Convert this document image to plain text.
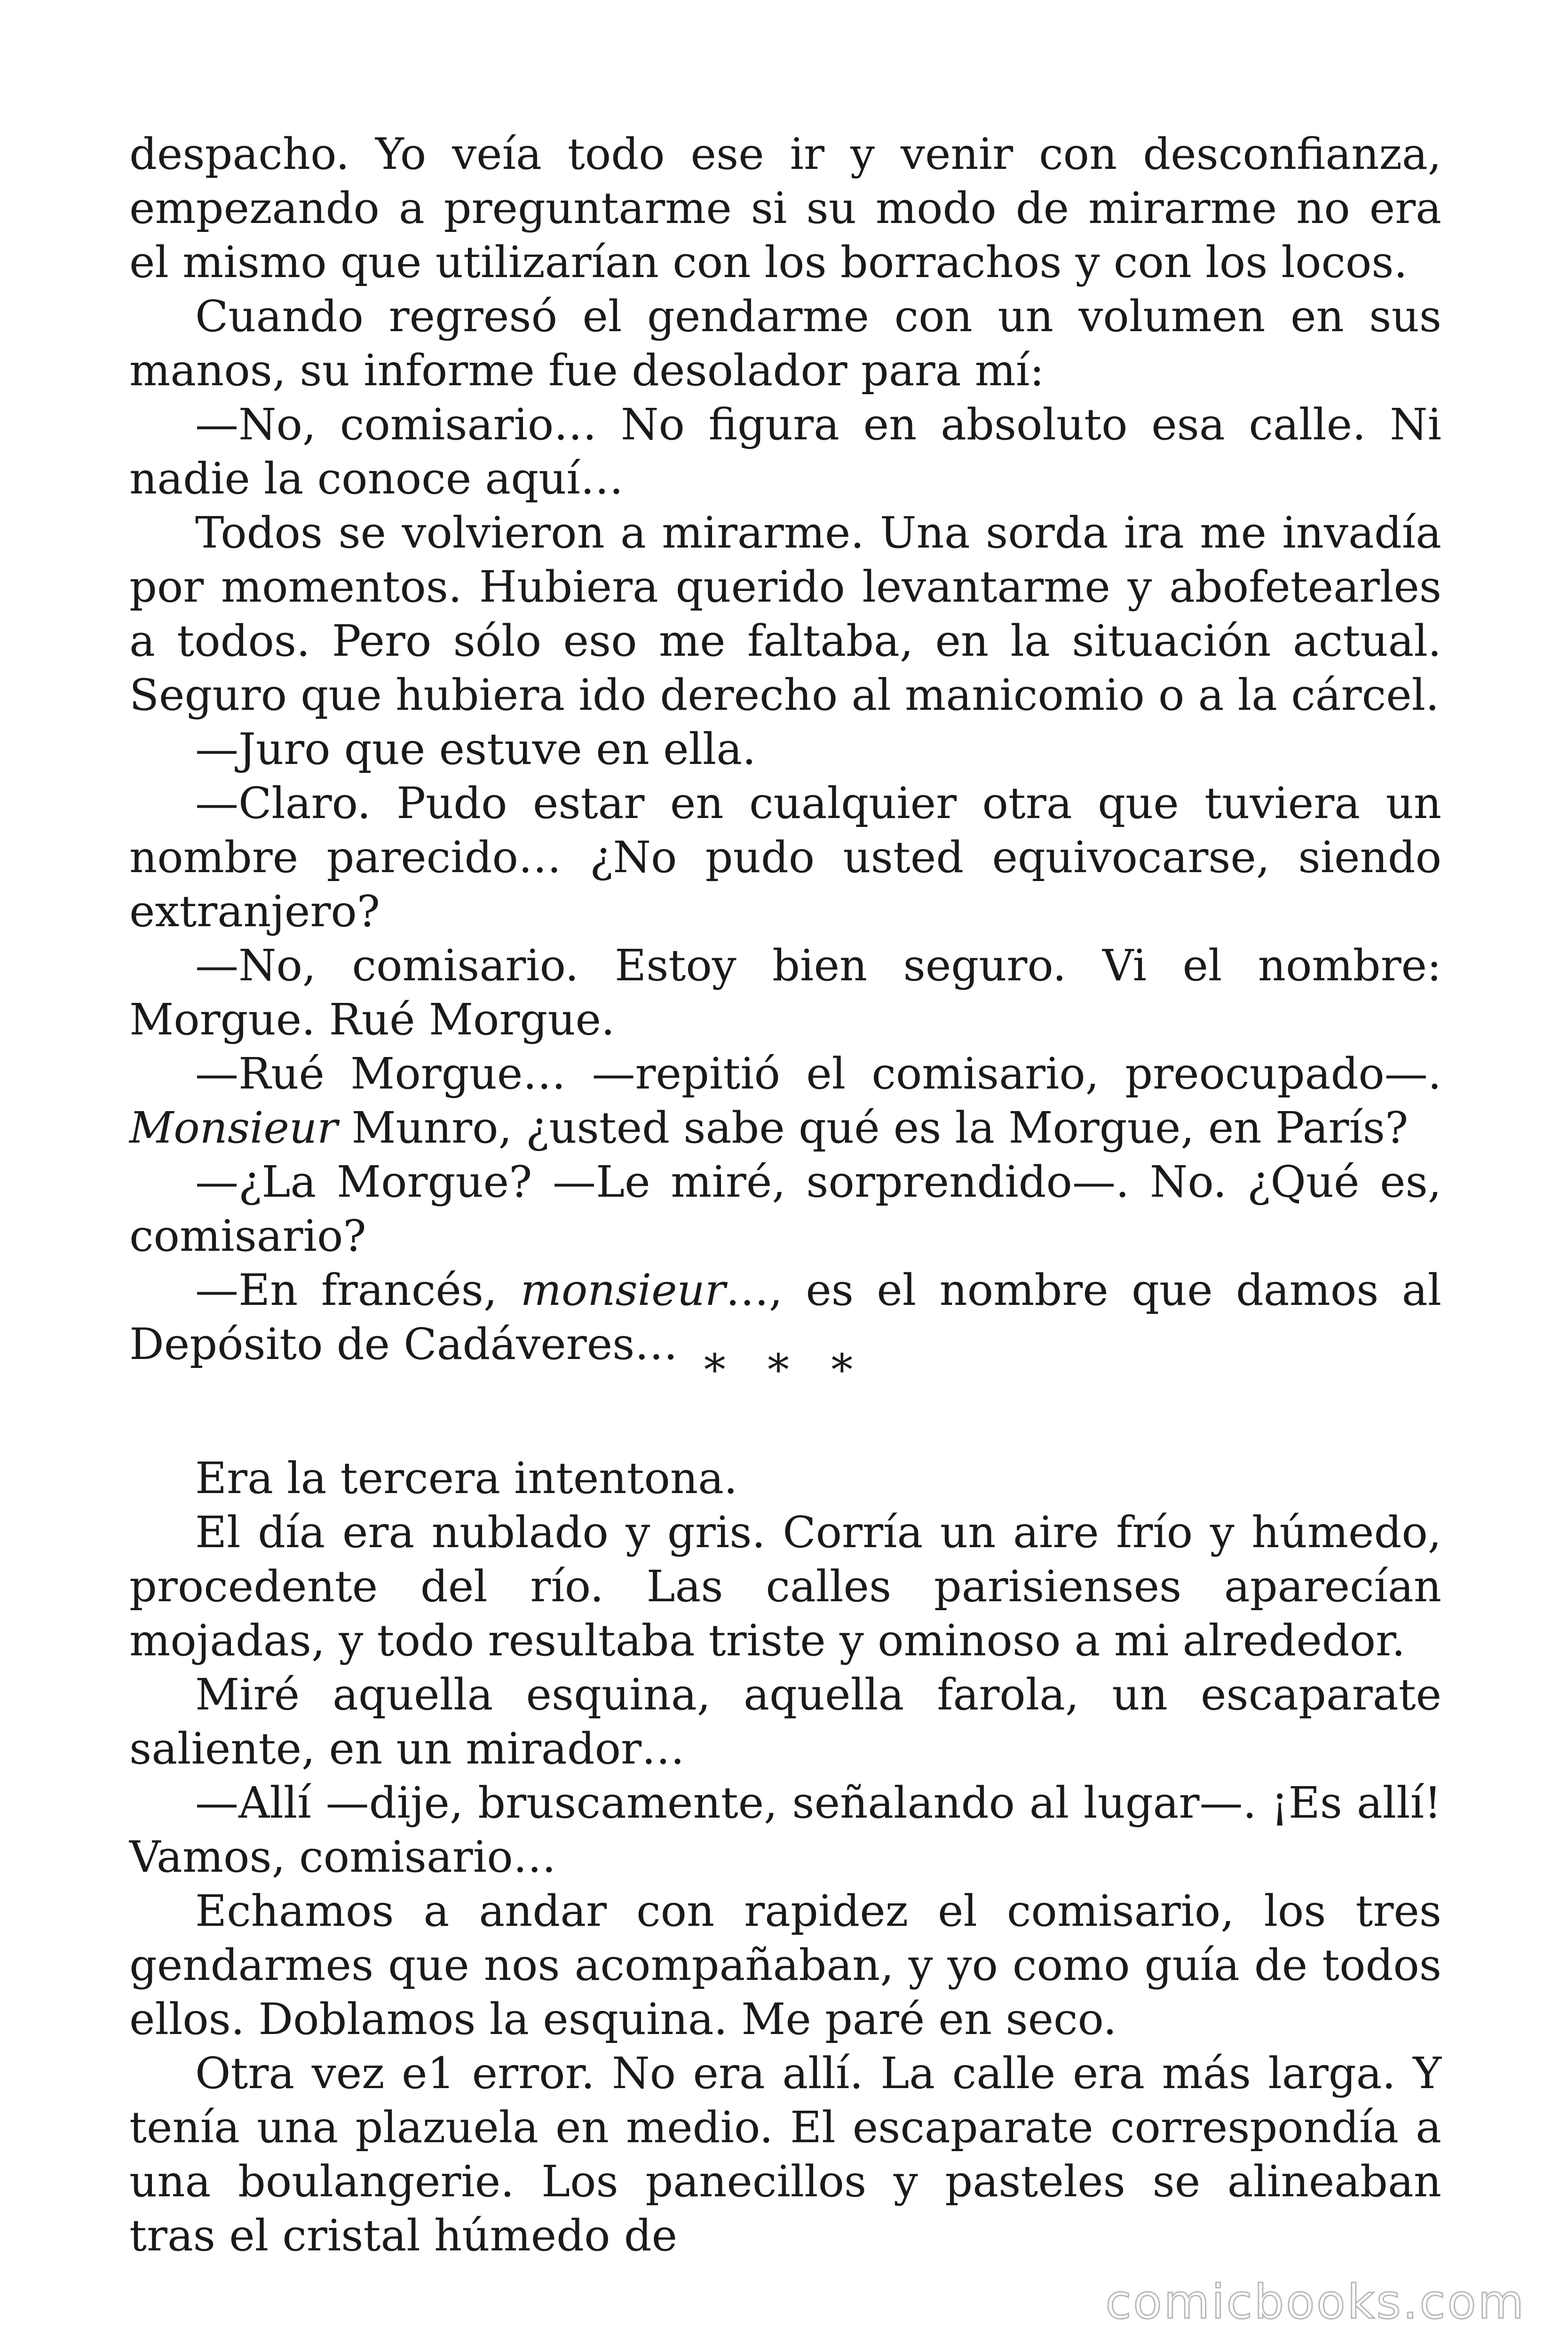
despacho. Yo veía todo ese ir y venir con desconfianza, empezando a preguntarme si su modo de mirarme no era el mismo que utilizarían con los borrachos y con los locos.

Cuando regresó el gendarme con un volumen en sus manos, su informe fue desolador para mí:

—No, comisario… No figura en absoluto esa calle. Ni nadie la conoce aquí…

Todos se volvieron a mirarme. Una sorda ira me invadía por momentos. Hubiera querido levantarme y abofetearles a todos. Pero sólo eso me faltaba, en la situación actual. Seguro que hubiera ido derecho al manicomio o a la cárcel.

—Juro que estuve en ella.

—Claro. Pudo estar en cualquier otra que tuviera un nombre parecido… ¿No pudo usted equivocarse, siendo extranjero?

—No, comisario. Estoy bien seguro. Vi el nombre: Morgue. Rué Morgue.

—Rué Morgue… —repitió el comisario, preocupado—. Monsieur Munro, ¿usted sabe qué es la Morgue, en París?

—¿La Morgue? —Le miré, sorprendido—. No. ¿Qué es, comisario?

—En francés, monsieur…, es el nombre que damos al Depósito de Cadáveres…

* * *

Era la tercera intentona.

El día era nublado y gris. Corría un aire frío y húmedo, procedente del río. Las calles parisienses aparecían mojadas, y todo resultaba triste y ominoso a mi alrededor.

Miré aquella esquina, aquella farola, un escaparate saliente, en un mirador…

—Allí —dije, bruscamente, señalando al lugar—. ¡Es allí! Vamos, comisario…

Echamos a andar con rapidez el comisario, los tres gendarmes que nos acompañaban, y yo como guía de todos ellos. Doblamos la esquina. Me paré en seco.

Otra vez e1 error. No era allí. La calle era más larga. Y tenía una plazuela en medio. El escaparate correspondía a una boulangerie. Los panecillos y pasteles se alineaban tras el cristal húmedo de

comicbooks.com
